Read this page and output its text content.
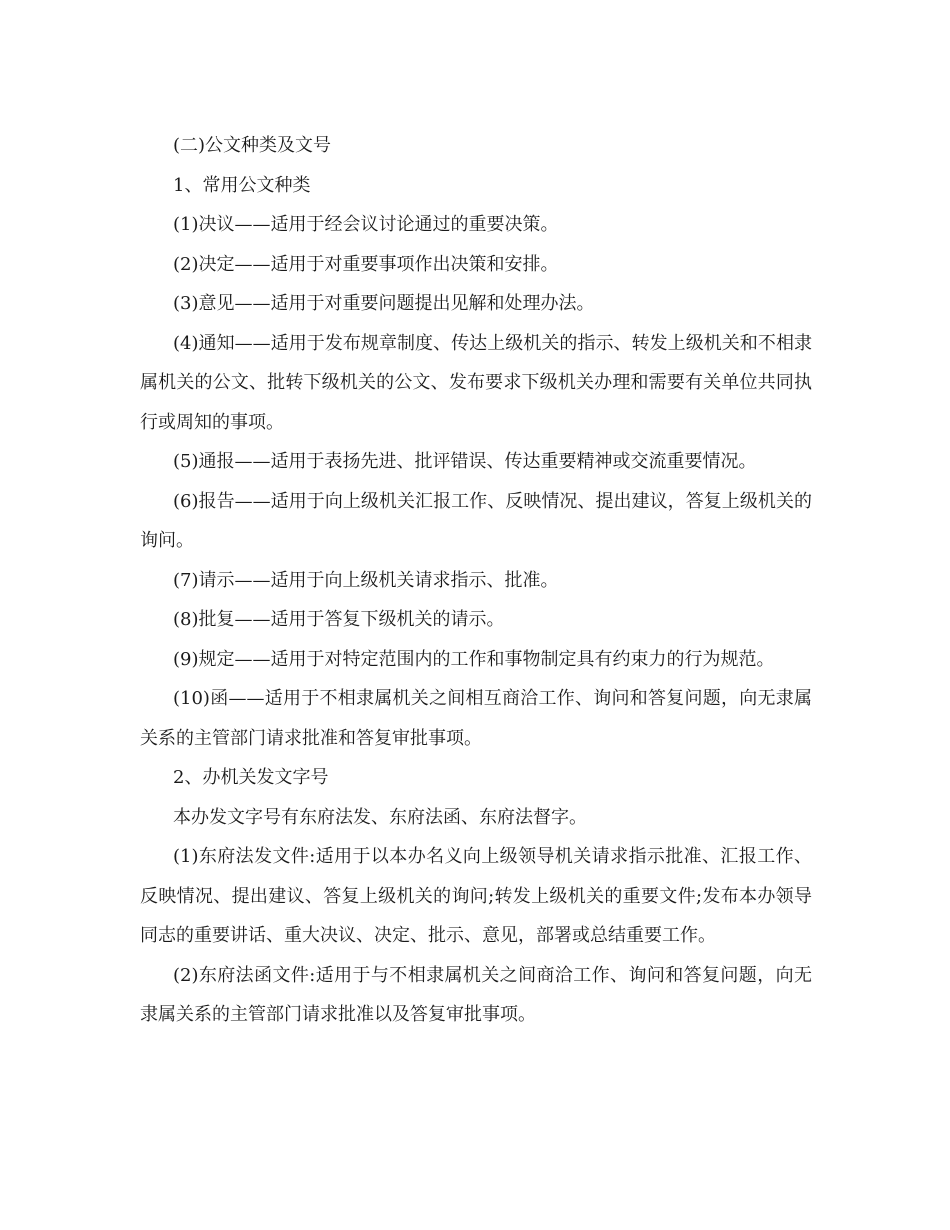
(二)公文种类及文号

1、常用公文种类

(1)决议——适用于经会议讨论通过的重要决策。

(2)决定——适用于对重要事项作出决策和安排。

(3)意见——适用于对重要问题提出见解和处理办法。

(4)通知——适用于发布规章制度、传达上级机关的指示、转发上级机关和不相隶属机关的公文、批转下级机关的公文、发布要求下级机关办理和需要有关单位共同执行或周知的事项。

(5)通报——适用于表扬先进、批评错误、传达重要精神或交流重要情况。

(6)报告——适用于向上级机关汇报工作、反映情况、提出建议，答复上级机关的询问。

(7)请示——适用于向上级机关请求指示、批准。

(8)批复——适用于答复下级机关的请示。

(9)规定——适用于对特定范围内的工作和事物制定具有约束力的行为规范。

(10)函——适用于不相隶属机关之间相互商洽工作、询问和答复问题，向无隶属关系的主管部门请求批准和答复审批事项。

2、办机关发文字号

本办发文字号有东府法发、东府法函、东府法督字。

(1)东府法发文件:适用于以本办名义向上级领导机关请求指示批准、汇报工作、反映情况、提出建议、答复上级机关的询问;转发上级机关的重要文件;发布本办领导同志的重要讲话、重大决议、决定、批示、意见，部署或总结重要工作。

(2)东府法函文件:适用于与不相隶属机关之间商洽工作、询问和答复问题，向无隶属关系的主管部门请求批准以及答复审批事项。
